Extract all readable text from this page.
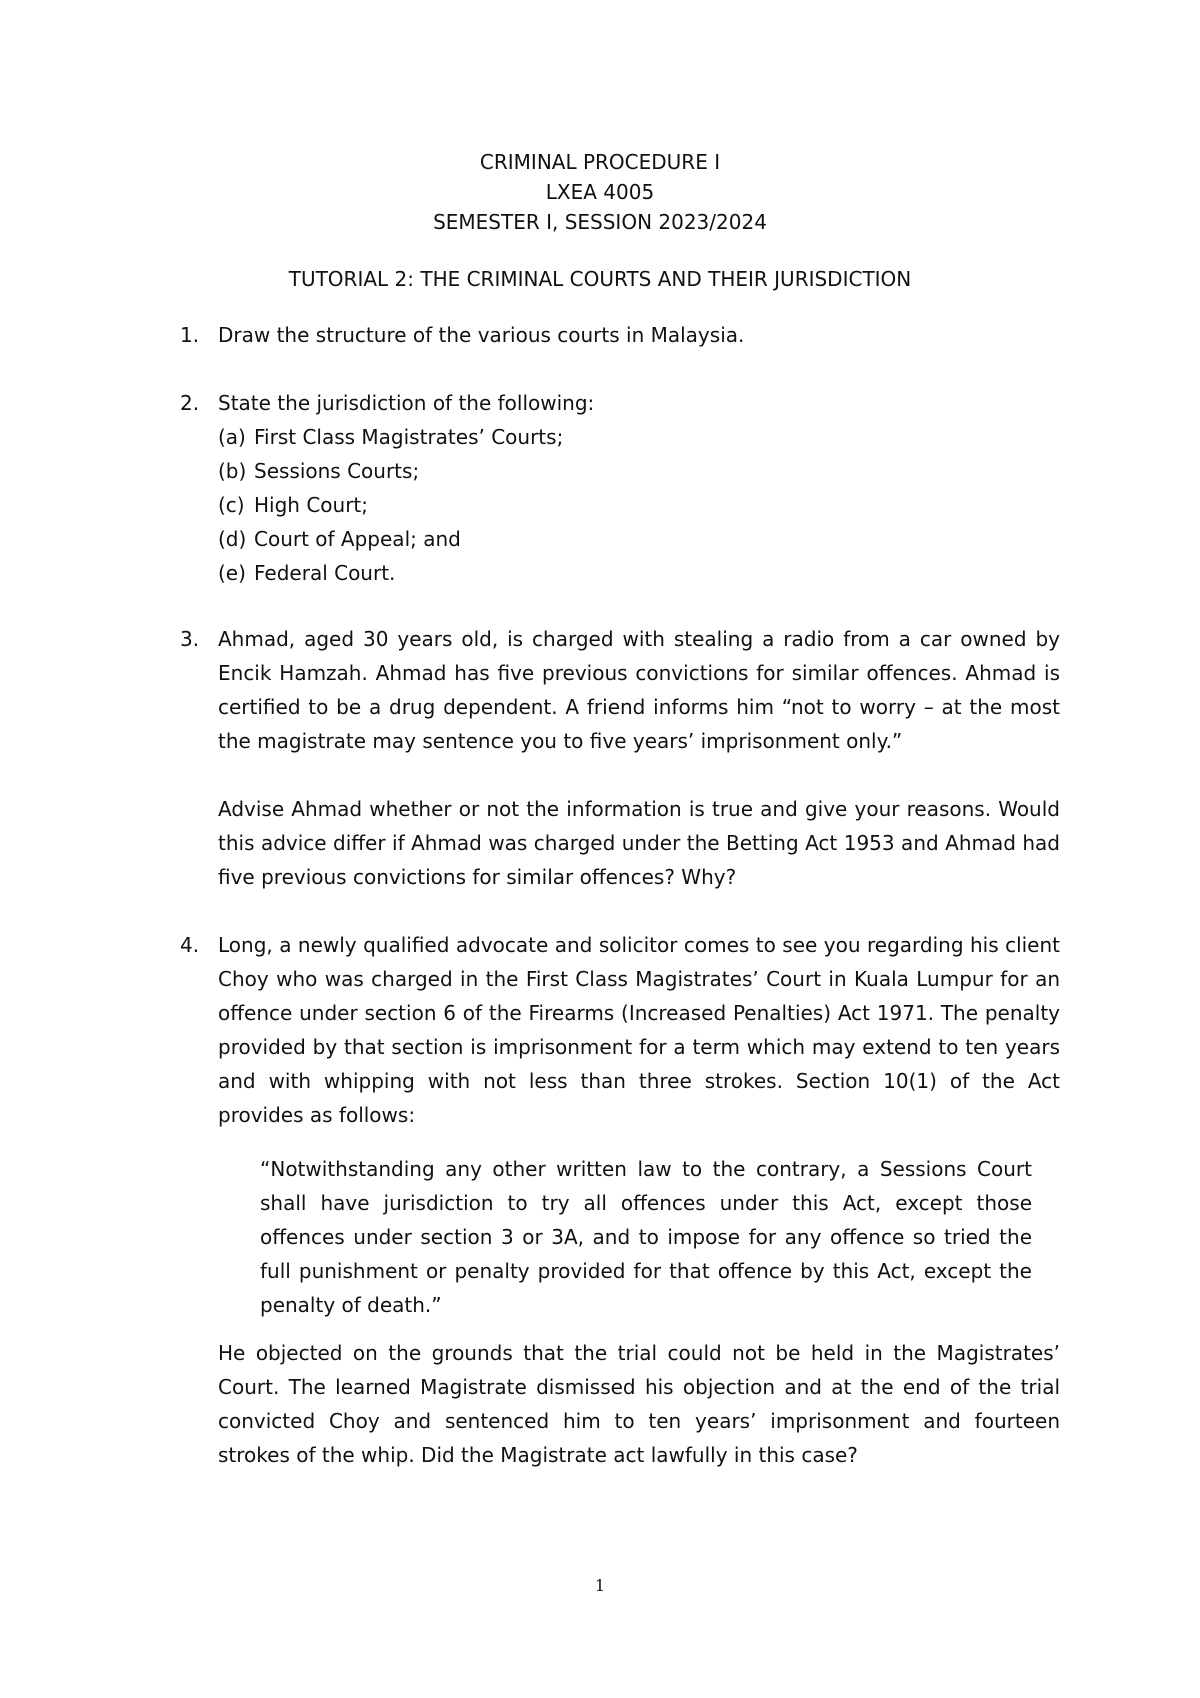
CRIMINAL PROCEDURE I
LXEA 4005
SEMESTER I, SESSION 2023/2024
TUTORIAL 2: THE CRIMINAL COURTS AND THEIR JURISDICTION
1. Draw the structure of the various courts in Malaysia.

2. State the jurisdiction of the following:

(a) First Class Magistrates’ Courts;
(b) Sessions Courts;
(c) High Court;
(d) Court of Appeal; and
(e) Federal Court.
3. Ahmad, aged 30 years old, is charged with stealing a radio from a car owned by Encik Hamzah. Ahmad has five previous convictions for similar offences. Ahmad is certified to be a drug dependent. A friend informs him “not to worry – at the most the magistrate may sentence you to five years’ imprisonment only.”

Advise Ahmad whether or not the information is true and give your reasons. Would this advice differ if Ahmad was charged under the Betting Act 1953 and Ahmad had five previous convictions for similar offences? Why?

4. Long, a newly qualified advocate and solicitor comes to see you regarding his client Choy who was charged in the First Class Magistrates’ Court in Kuala Lumpur for an offence under section 6 of the Firearms (Increased Penalties) Act 1971. The penalty provided by that section is imprisonment for a term which may extend to ten years and with whipping with not less than three strokes. Section 10(1) of the Act provides as follows:

“Notwithstanding any other written law to the contrary, a Sessions Court shall have jurisdiction to try all offences under this Act, except those offences under section 3 or 3A, and to impose for any offence so tried the full punishment or penalty provided for that offence by this Act, except the penalty of death.”

He objected on the grounds that the trial could not be held in the Magistrates’ Court. The learned Magistrate dismissed his objection and at the end of the trial convicted Choy and sentenced him to ten years’ imprisonment and fourteen strokes of the whip. Did the Magistrate act lawfully in this case?

1
